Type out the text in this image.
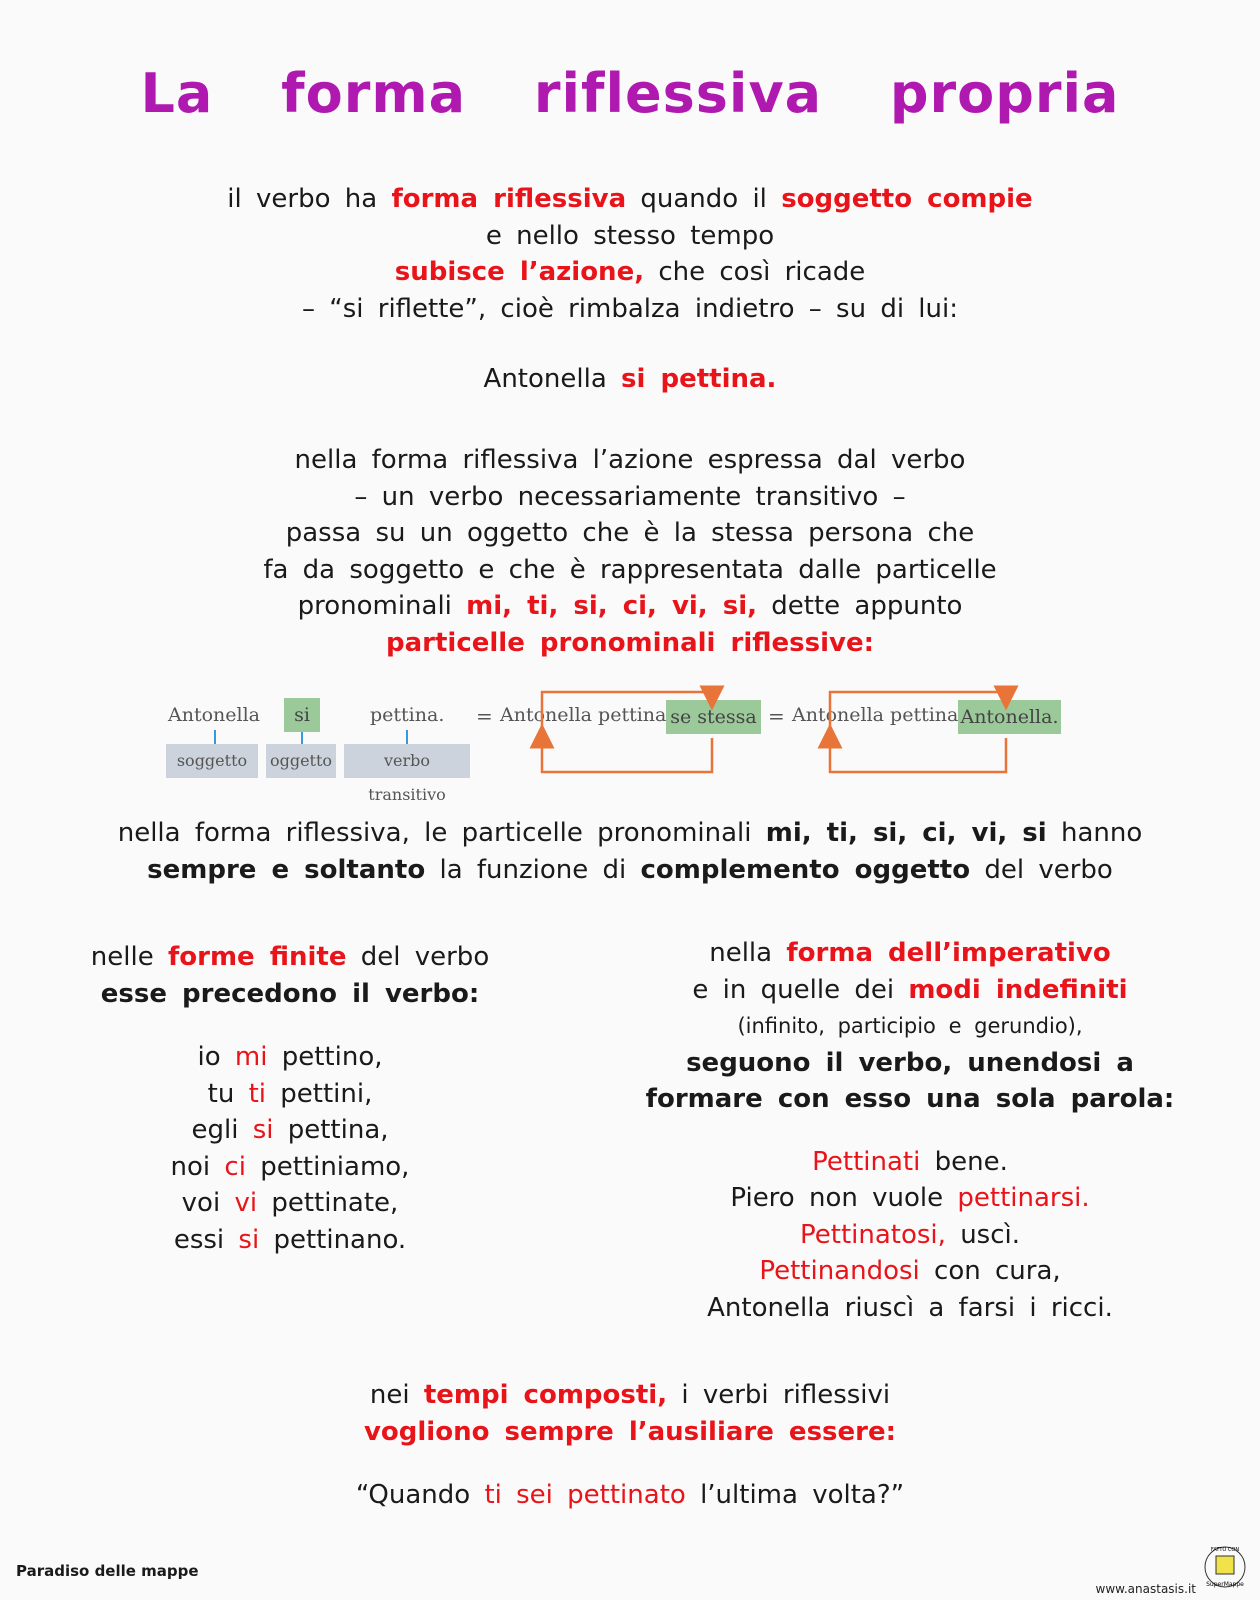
La forma riflessiva propria
il verbo ha forma riflessiva quando il soggetto compie
e nello stesso tempo
subisce l’azione, che così ricade
– “si riflette”, cioè rimbalza indietro – su di lui:
Antonella si pettina.
nella forma riflessiva l’azione espressa dal verbo
– un verbo necessariamente transitivo –
passa su un oggetto che è la stessa persona che
fa da soggetto e che è rappresentata dalle particelle
pronominali mi, ti, si, ci, vi, si, dette appunto
particelle pronominali riflessive:
Antonella	si	pettina.
soggetto	oggetto	verbo transitivo
= Antonella pettina se stessa = Antonella pettina Antonella.
nella forma riflessiva, le particelle pronominali mi, ti, si, ci, vi, si hanno
sempre e soltanto la funzione di complemento oggetto del verbo
nelle forme finite del verbo
esse precedono il verbo:
io mi pettino,
tu ti pettini,
egli si pettina,
noi ci pettiniamo,
voi vi pettinate,
essi si pettinano.
nella forma dell’imperativo
e in quelle dei modi indefiniti
(infinito, participio e gerundio),
seguono il verbo, unendosi a
formare con esso una sola parola:
Pettinati bene.
Piero non vuole pettinarsi.
Pettinatosi, uscì.
Pettinandosi con cura,
Antonella riuscì a farsi i ricci.
nei tempi composti, i verbi riflessivi
vogliono sempre l’ausiliare essere:
“Quando ti sei pettinato l’ultima volta?”
Paradiso delle mappe
www.anastasis.it
FATTO CON
SuperMappe
